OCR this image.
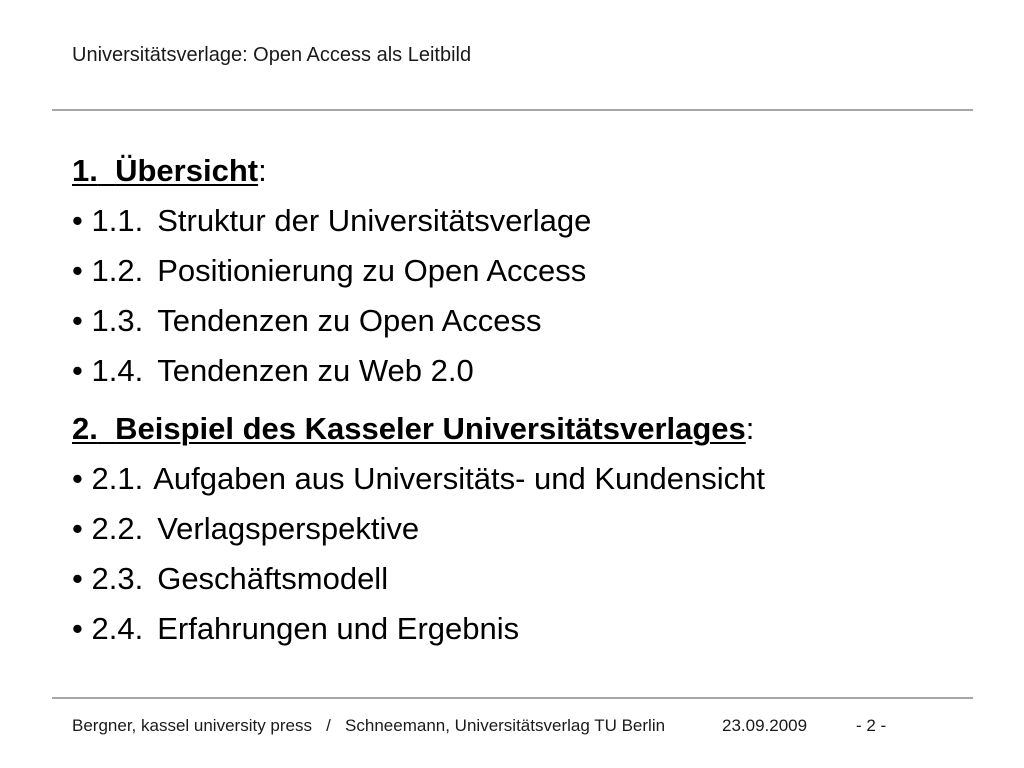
Universitätsverlage: Open Access als Leitbild
1. Übersicht:
• 1.1. Struktur der Universitätsverlage
• 1.2. Positionierung zu Open Access
• 1.3. Tendenzen zu Open Access
• 1.4. Tendenzen zu Web 2.0
2. Beispiel des Kasseler Universitätsverlages:
• 2.1. Aufgaben aus Universitäts- und Kundensicht
• 2.2. Verlagsperspektive
• 2.3. Geschäftsmodell
• 2.4. Erfahrungen und Ergebnis
Bergner, kassel university press   /   Schneemann, Universitätsverlag TU Berlin	23.09.2009	- 2 -
